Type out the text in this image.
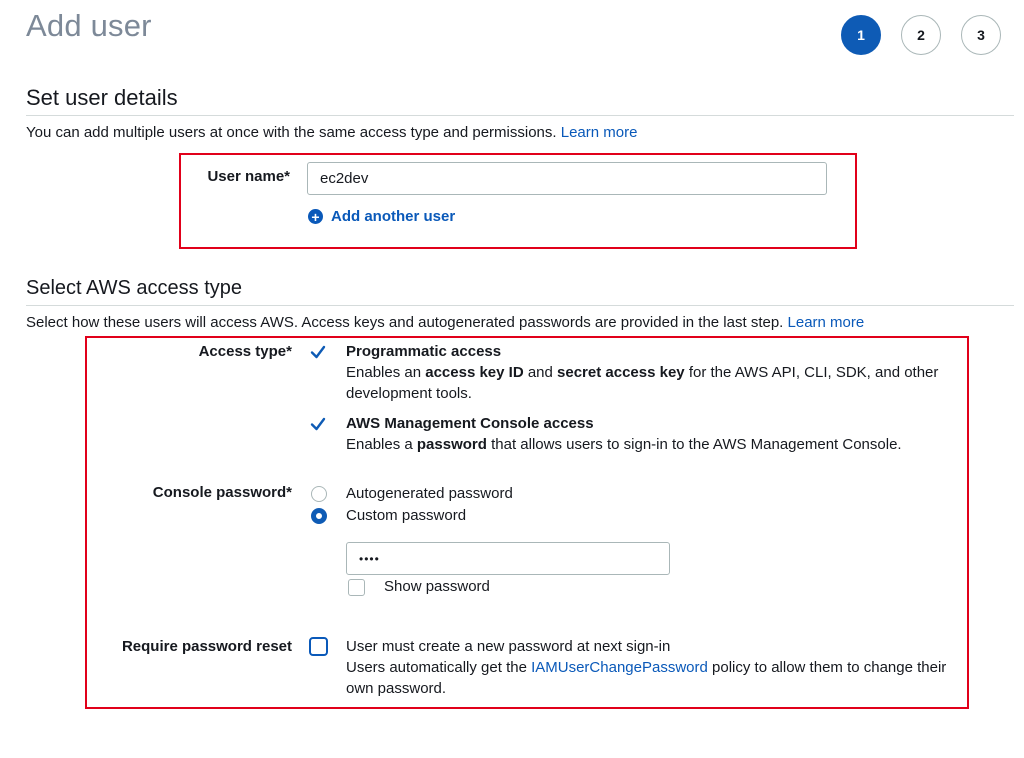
Add user	1	2	3
Set user details
You can add multiple users at once with the same access type and permissions. Learn more
User name*	ec2dev
+ Add another user
Select AWS access type
Select how these users will access AWS. Access keys and autogenerated passwords are provided in the last step. Learn more
Access type*	Programmatic access
Enables an access key ID and secret access key for the AWS API, CLI, SDK, and other development tools.
AWS Management Console access
Enables a password that allows users to sign-in to the AWS Management Console.
Console password*	Autogenerated password
Custom password
••••
Show password
Require password reset	User must create a new password at next sign-in
Users automatically get the IAMUserChangePassword policy to allow them to change their own password.
